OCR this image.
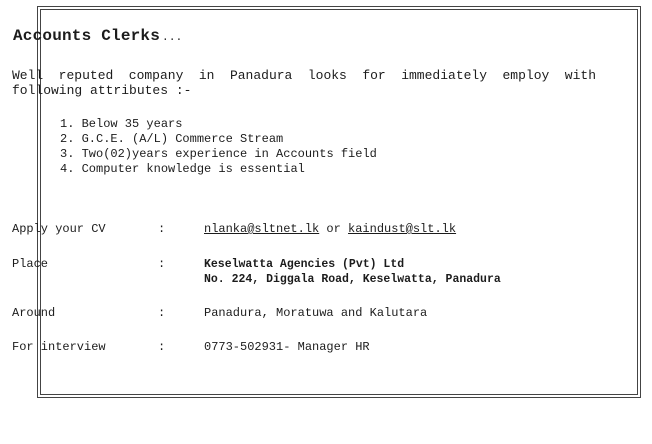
Accounts Clerks ...

Well reputed company in Panadura looks for immediately employ with following attributes :-

1. Below 35 years
2. G.C.E. (A/L) Commerce Stream
3. Two(02)years experience in Accounts field
4. Computer knowledge is essential
Apply your CV	:	nlanka@sltnet.lk or kaindust@slt.lk
Place	:	Keselwatta Agencies (Pvt) Ltd
No. 224, Diggala Road, Keselwatta, Panadura
Around	:	Panadura, Moratuwa and Kalutara
For interview	:	0773-502931- Manager HR
